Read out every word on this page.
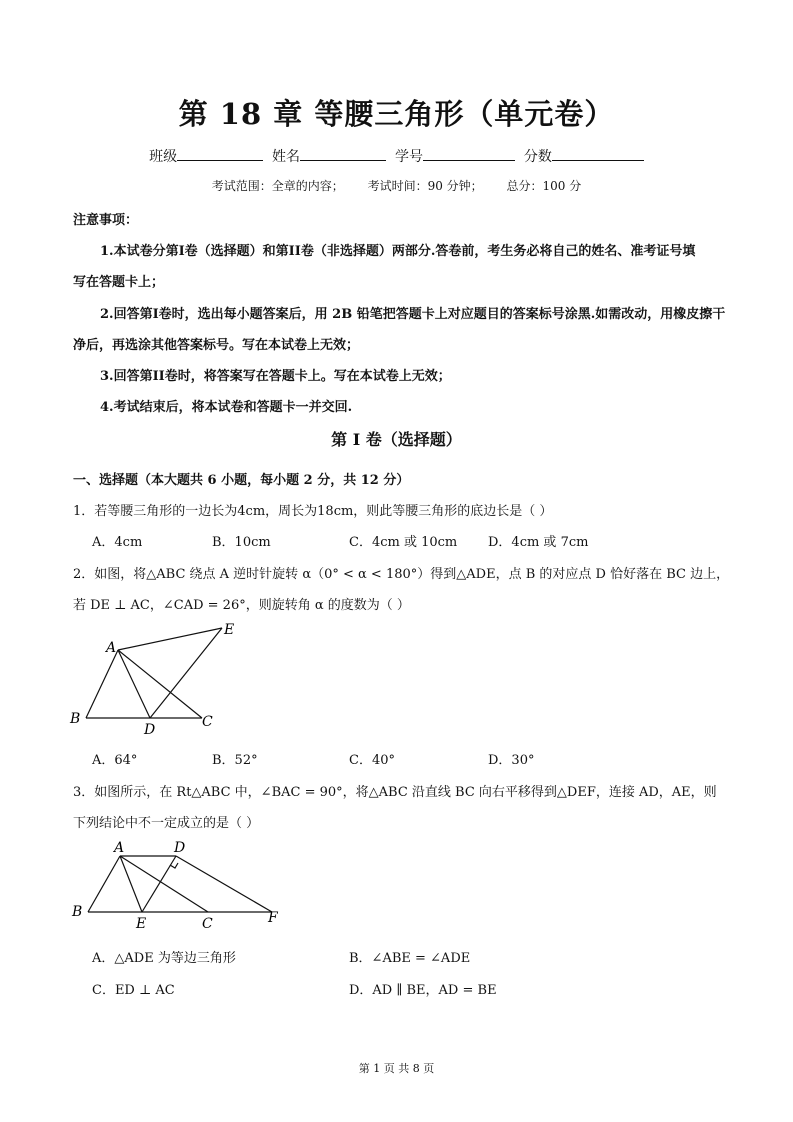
第 18 章 等腰三角形（单元卷）
班级	姓名	学号	分数
考试范围：全章的内容； 考试时间：90 分钟； 总分：100 分
注意事项：
1.本试卷分第I卷（选择题）和第II卷（非选择题）两部分.答卷前，考生务必将自己的姓名、准考证号填
写在答题卡上；
2.回答第I卷时，选出每小题答案后，用 2B 铅笔把答题卡上对应题目的答案标号涂黑.如需改动，用橡皮擦干
净后，再选涂其他答案标号。写在本试卷上无效；
3.回答第II卷时，将答案写在答题卡上。写在本试卷上无效；
4.考试结束后，将本试卷和答题卡一并交回.
第 I 卷（选择题）
一、选择题（本大题共 6 小题，每小题 2 分，共 12 分）
1．若等腰三角形的一边长为4cm，周长为18cm，则此等腰三角形的底边长是（ ）
A．4cm	B．10cm	C．4cm 或 10cm D．4cm 或 7cm
2．如图，将△ABC 绕点 A 逆时针旋转 α（0° < α < 180°）得到△ADE，点 B 的对应点 D 恰好落在 BC 边上，
若 DE ⊥ AC，∠CAD = 26°，则旋转角 α 的度数为（ ）
A
B	C
D
E
A．64°	B．52°	C．40°	D．30°
3．如图所示，在 Rt△ABC 中，∠BAC = 90°，将△ABC 沿直线 BC 向右平移得到△DEF，连接 AD，AE，则
下列结论中不一定成立的是（ ）
A	D
B
E	C	F
A．△ADE 为等边三角形	B．∠ABE = ∠ADE
C．ED ⊥ AC	D．AD ∥ BE，AD = BE
第 1 页 共 8 页
